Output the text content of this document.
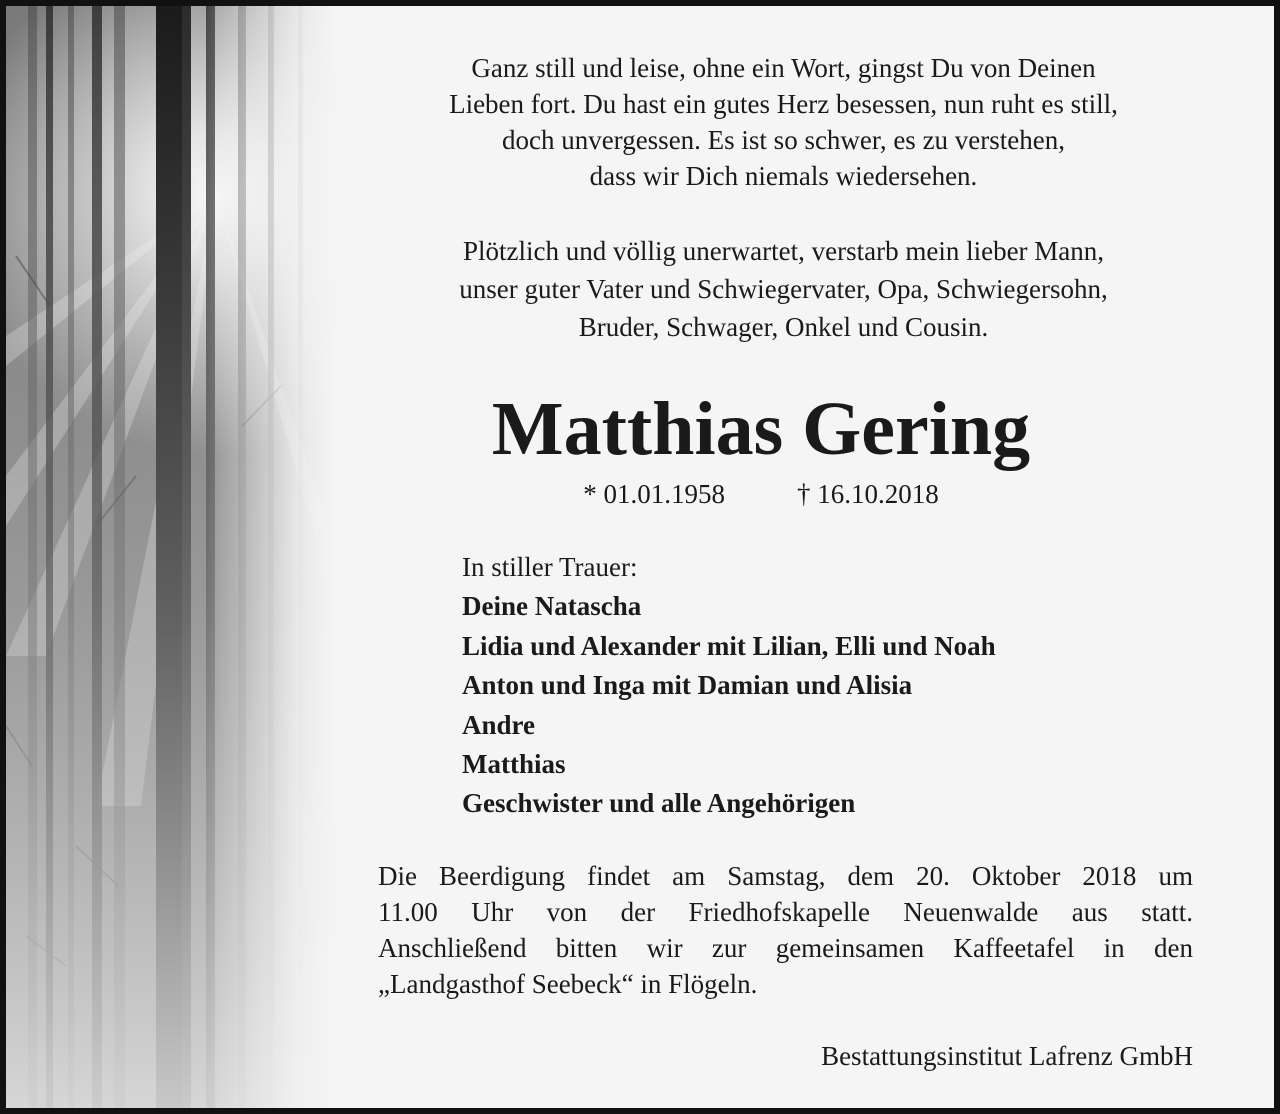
Ganz still und leise, ohne ein Wort, gingst Du von Deinen
Lieben fort. Du hast ein gutes Herz besessen, nun ruht es still,
doch unvergessen. Es ist so schwer, es zu verstehen,
dass wir Dich niemals wiedersehen.
Plötzlich und völlig unerwartet, verstarb mein lieber Mann,
unser guter Vater und Schwiegervater, Opa, Schwiegersohn,
Bruder, Schwager, Onkel und Cousin.
Matthias Gering
* 01.01.1958	† 16.10.2018
In stiller Trauer:
Deine Natascha
Lidia und Alexander mit Lilian, Elli und Noah
Anton und Inga mit Damian und Alisia
Andre
Matthias
Geschwister und alle Angehörigen
Die Beerdigung findet am Samstag, dem 20. Oktober 2018 um
11.00 Uhr von der Friedhofskapelle Neuenwalde aus statt.
Anschließend bitten wir zur gemeinsamen Kaffeetafel in den
„Landgasthof Seebeck“ in Flögeln.
Bestattungsinstitut Lafrenz GmbH
